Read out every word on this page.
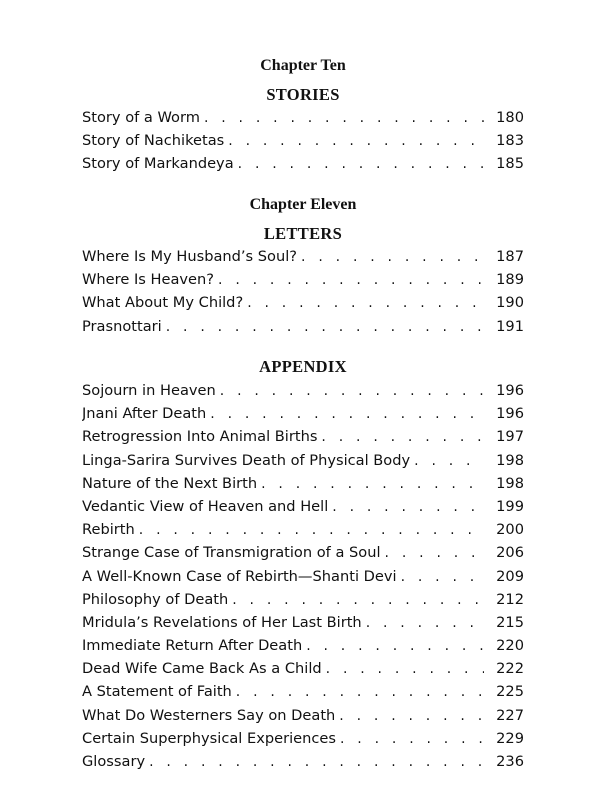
Chapter Ten
STORIES
Story of a Worm . . .	180
Story of Nachiketas . . .	183
Story of Markandeya . . .	185
Chapter Eleven
LETTERS
Where Is My Husband’s Soul? . . .	187
Where Is Heaven? . . .	189
What About My Child? . . .	190
Prasnottari . . .	191
APPENDIX
Sojourn in Heaven . . .	196
Jnani After Death . . .	196
Retrogression Into Animal Births . . .	197
Linga-Sarira Survives Death of Physical Body . . .	198
Nature of the Next Birth . . .	198
Vedantic View of Heaven and Hell . . .	199
Rebirth . . .	200
Strange Case of Transmigration of a Soul . . .	206
A Well-Known Case of Rebirth—Shanti Devi . . .	209
Philosophy of Death . . .	212
Mridula’s Revelations of Her Last Birth . . .	215
Immediate Return After Death . . .	220
Dead Wife Came Back As a Child . . .	222
A Statement of Faith . . .	225
What Do Westerners Say on Death . . .	227
Certain Superphysical Experiences . . .	229
Glossary . . .	236
